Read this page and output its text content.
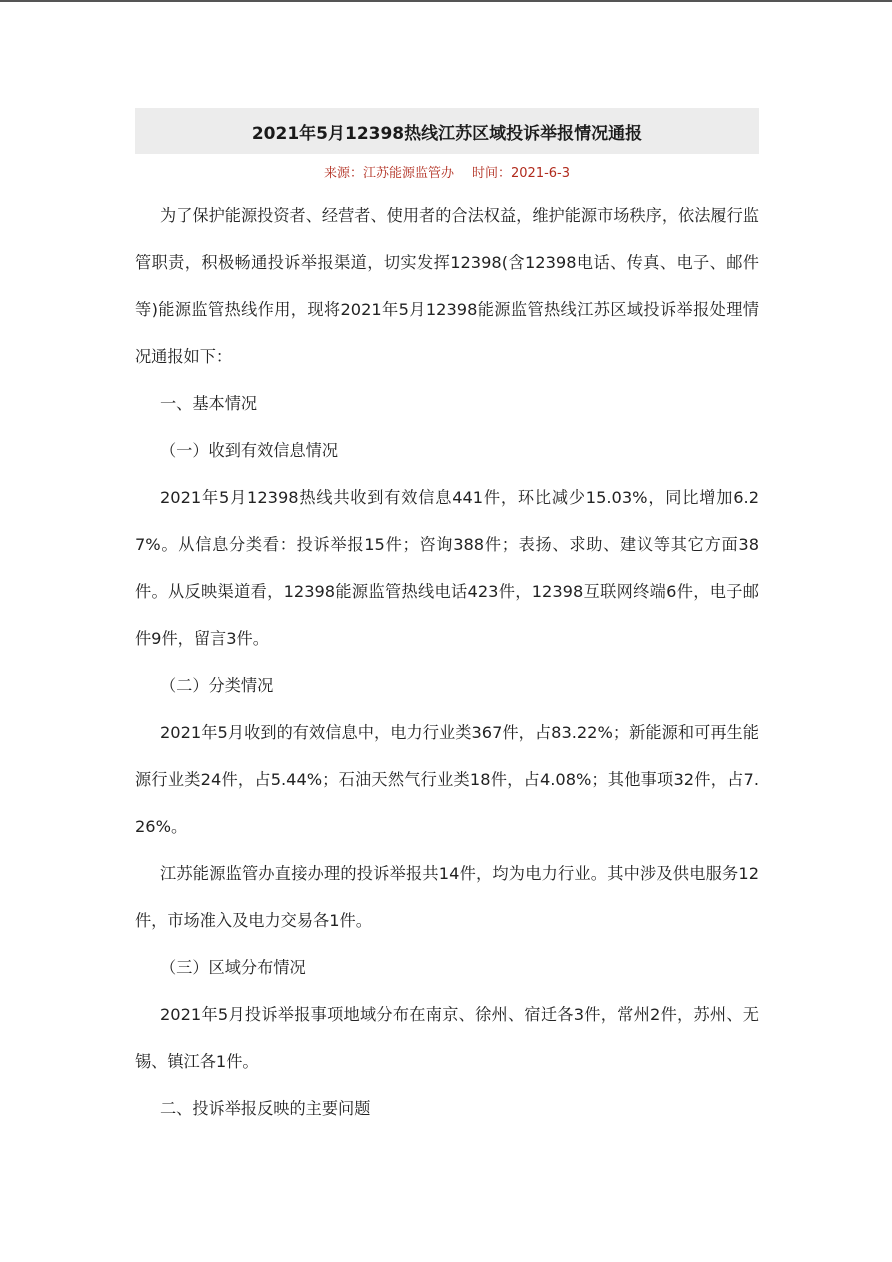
2021年5月12398热线江苏区域投诉举报情况通报
来源：江苏能源监管办 时间：2021-6-3

为了保护能源投资者、经营者、使用者的合法权益，维护能源市场秩序，依法履行监管职责，积极畅通投诉举报渠道，切实发挥12398(含12398电话、传真、电子、邮件等)能源监管热线作用，现将2021年5月12398能源监管热线江苏区域投诉举报处理情况通报如下：

一、基本情况

（一）收到有效信息情况

2021年5月12398热线共收到有效信息441件，环比减少15.03%，同比增加6.27%。从信息分类看：投诉举报15件；咨询388件；表扬、求助、建议等其它方面38件。从反映渠道看，12398能源监管热线电话423件，12398互联网终端6件，电子邮件9件，留言3件。

（二）分类情况

2021年5月收到的有效信息中，电力行业类367件，占83.22%；新能源和可再生能源行业类24件，占5.44%；石油天然气行业类18件，占4.08%；其他事项32件，占7.26%。

江苏能源监管办直接办理的投诉举报共14件，均为电力行业。其中涉及供电服务12件，市场准入及电力交易各1件。

（三）区域分布情况

2021年5月投诉举报事项地域分布在南京、徐州、宿迁各3件，常州2件，苏州、无锡、镇江各1件。

二、投诉举报反映的主要问题
